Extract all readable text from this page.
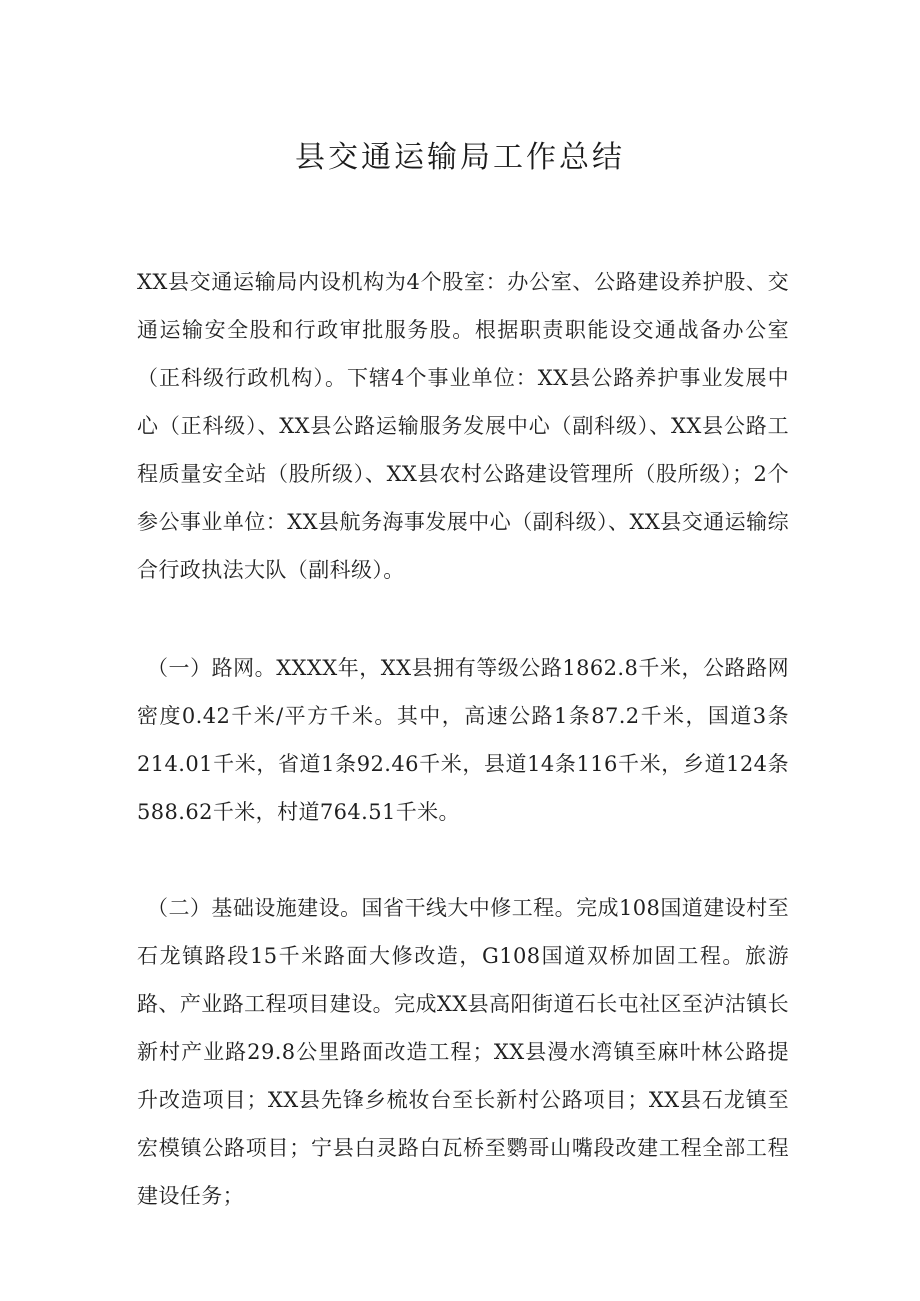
县交通运输局工作总结

XX县交通运输局内设机构为4个股室：办公室、公路建设养护股、交通运输安全股和行政审批服务股。根据职责职能设交通战备办公室（正科级行政机构）。下辖4个事业单位：XX县公路养护事业发展中心（正科级）、XX县公路运输服务发展中心（副科级）、XX县公路工程质量安全站（股所级）、XX县农村公路建设管理所（股所级）；2个参公事业单位：XX县航务海事发展中心（副科级）、XX县交通运输综合行政执法大队（副科级）。

（一）路网。XXXX年，XX县拥有等级公路1862.8千米，公路路网密度0.42千米/平方千米。其中，高速公路1条87.2千米，国道3条214.01千米，省道1条92.46千米，县道14条116千米，乡道124条588.62千米，村道764.51千米。

（二）基础设施建设。国省干线大中修工程。完成108国道建设村至石龙镇路段15千米路面大修改造，G108国道双桥加固工程。旅游路、产业路工程项目建设。完成XX县高阳街道石长屯社区至泸沽镇长新村产业路29.8公里路面改造工程；XX县漫水湾镇至麻叶林公路提升改造项目；XX县先锋乡梳妆台至长新村公路项目；XX县石龙镇至宏模镇公路项目；宁县白灵路白瓦桥至鹦哥山嘴段改建工程全部工程建设任务；
